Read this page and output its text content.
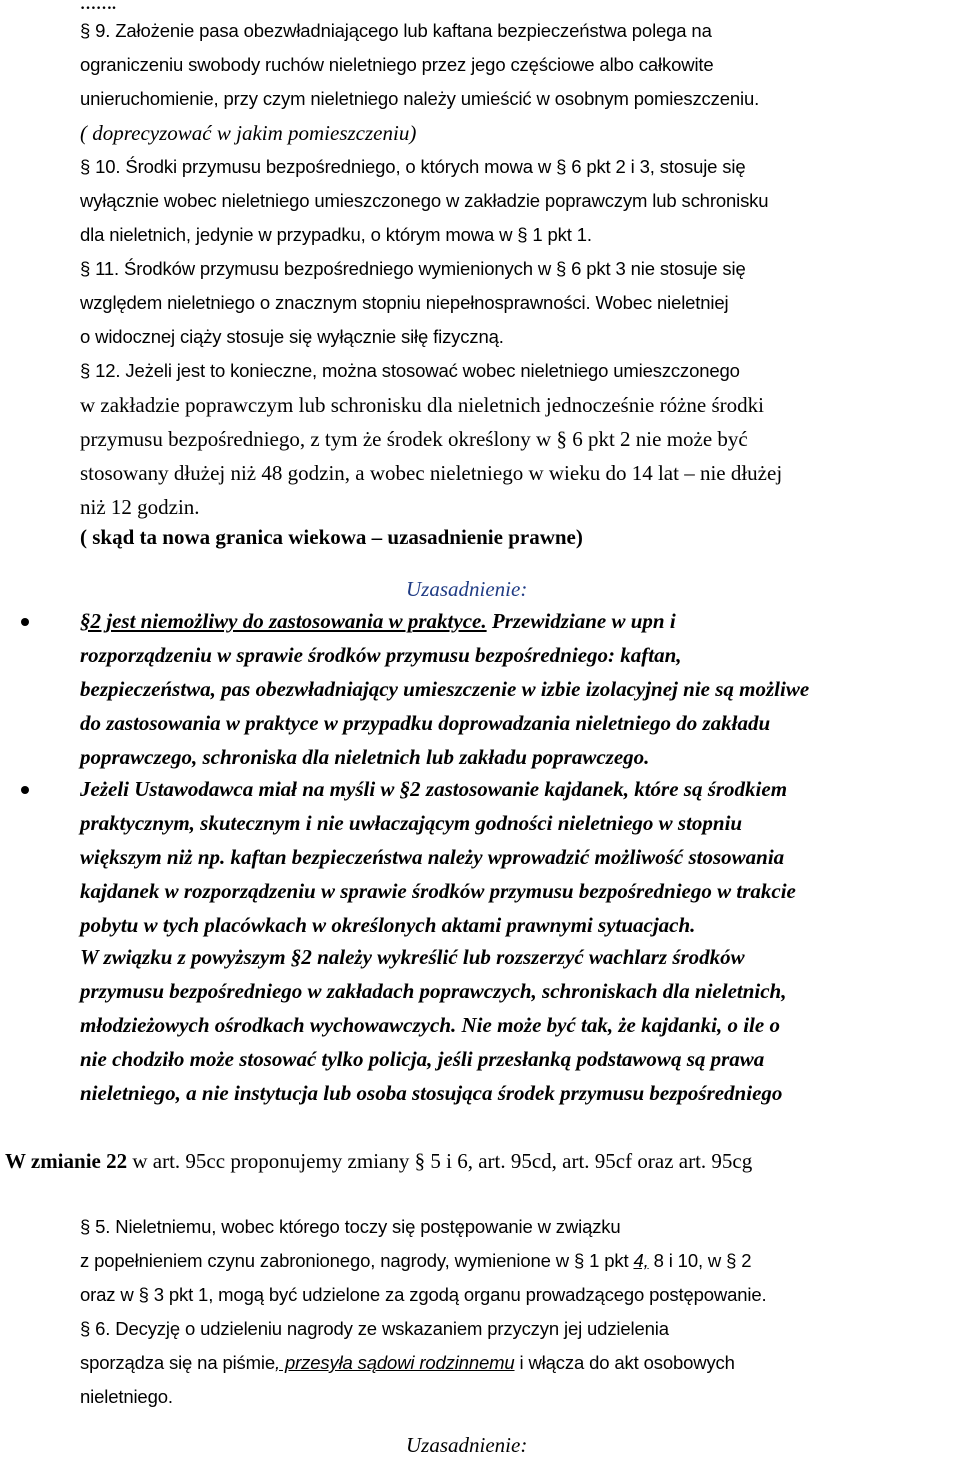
…….
§ 9. Założenie pasa obezwładniającego lub kaftana bezpieczeństwa polega na
ograniczeniu swobody ruchów nieletniego przez jego częściowe albo całkowite
unieruchomienie, przy czym nieletniego należy umieścić w osobnym pomieszczeniu.
( doprecyzować w jakim pomieszczeniu)
§ 10. Środki przymusu bezpośredniego, o których mowa w § 6 pkt 2 i 3, stosuje się
wyłącznie wobec nieletniego umieszczonego w zakładzie poprawczym lub schronisku
dla nieletnich, jedynie w przypadku, o którym mowa w § 1 pkt 1.
§ 11. Środków przymusu bezpośredniego wymienionych w § 6 pkt 3 nie stosuje się
względem nieletniego o znacznym stopniu niepełnosprawności. Wobec nieletniej
o widocznej ciąży stosuje się wyłącznie siłę fizyczną.
§ 12. Jeżeli jest to konieczne, można stosować wobec nieletniego umieszczonego
w zakładzie poprawczym lub schronisku dla nieletnich jednocześnie różne środki
przymusu bezpośredniego, z tym że środek określony w § 6 pkt 2 nie może być
stosowany dłużej niż 48 godzin, a wobec nieletniego w wieku do 14 lat – nie dłużej
niż 12 godzin.
( skąd ta nowa granica wiekowa – uzasadnienie prawne)
Uzasadnienie:
§2 jest niemożliwy do zastosowania w praktyce. Przewidziane w upn i
rozporządzeniu w sprawie środków przymusu bezpośredniego: kaftan,
bezpieczeństwa, pas obezwładniający umieszczenie w izbie izolacyjnej nie są możliwe
do zastosowania w praktyce w przypadku doprowadzania nieletniego do zakładu
poprawczego, schroniska dla nieletnich lub zakładu poprawczego.
Jeżeli Ustawodawca miał na myśli w §2 zastosowanie kajdanek, które są środkiem
praktycznym, skutecznym i nie uwłaczającym godności nieletniego w stopniu
większym niż np. kaftan bezpieczeństwa należy wprowadzić możliwość stosowania
kajdanek w rozporządzeniu w sprawie środków przymusu bezpośredniego w trakcie
pobytu w tych placówkach w określonych aktami prawnymi sytuacjach.
W związku z powyższym §2 należy wykreślić lub rozszerzyć wachlarz środków
przymusu bezpośredniego w zakładach poprawczych, schroniskach dla nieletnich,
młodzieżowych ośrodkach wychowawczych. Nie może być tak, że kajdanki, o ile o
nie chodziło może stosować tylko policja, jeśli przesłanką podstawową są prawa
nieletniego, a nie instytucja lub osoba stosująca środek przymusu bezpośredniego
W zmianie 22 w art. 95cc proponujemy zmiany § 5 i 6, art. 95cd, art. 95cf oraz art. 95cg
§ 5. Nieletniemu, wobec którego toczy się postępowanie w związku
z popełnieniem czynu zabronionego, nagrody, wymienione w § 1 pkt 4, 8 i 10, w § 2
oraz w § 3 pkt 1, mogą być udzielone za zgodą organu prowadzącego postępowanie.
§ 6. Decyzję o udzieleniu nagrody ze wskazaniem przyczyn jej udzielenia
sporządza się na piśmie, przesyła sądowi rodzinnemu i włącza do akt osobowych
nieletniego.
Uzasadnienie:
